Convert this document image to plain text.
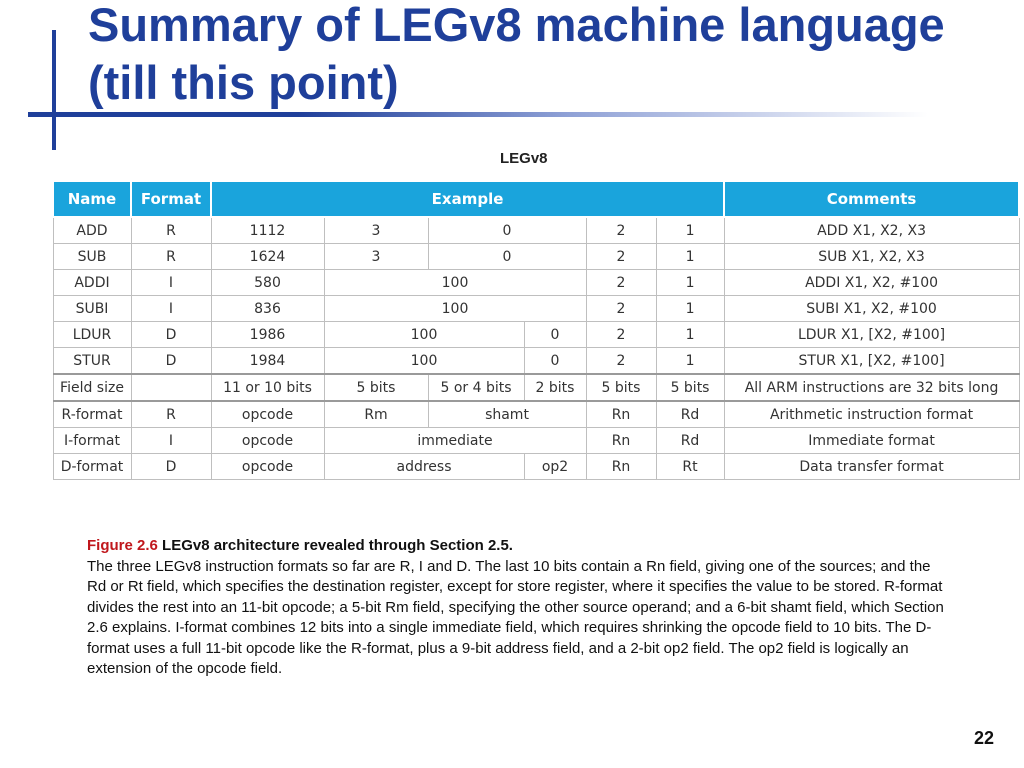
Summary of LEGv8 machine language (till this point)
LEGv8
Name	Format	Example						Comments
ADD	R	1112	3	0		2	1	ADD X1, X2, X3
SUB	R	1624	3	0		2	1	SUB X1, X2, X3
ADDI	I	580	100			2	1	ADDI X1, X2, #100
SUBI	I	836	100			2	1	SUBI X1, X2, #100
LDUR	D	1986	100		0	2	1	LDUR X1, [X2, #100]
STUR	D	1984	100		0	2	1	STUR X1, [X2, #100]
Field size		11 or 10 bits	5 bits	5 or 4 bits	2 bits	5 bits	5 bits	All ARM instructions are 32 bits long
R-format	R	opcode	Rm	shamt		Rn	Rd	Arithmetic instruction format
I-format	I	opcode	immediate			Rn	Rd	Immediate format
D-format	D	opcode	address		op2	Rn	Rt	Data transfer format
Figure 2.6 LEGv8 architecture revealed through Section 2.5.
The three LEGv8 instruction formats so far are R, I and D. The last 10 bits contain a Rn field, giving one of the sources; and the Rd or Rt field, which specifies the destination register, except for store register, where it specifies the value to be stored. R-format divides the rest into an 11-bit opcode; a 5-bit Rm field, specifying the other source operand; and a 6-bit shamt field, which Section 2.6 explains. I-format combines 12 bits into a single immediate field, which requires shrinking the opcode field to 10 bits. The D-format uses a full 11-bit opcode like the R-format, plus a 9-bit address field, and a 2-bit op2 field. The op2 field is logically an extension of the opcode field.
22
